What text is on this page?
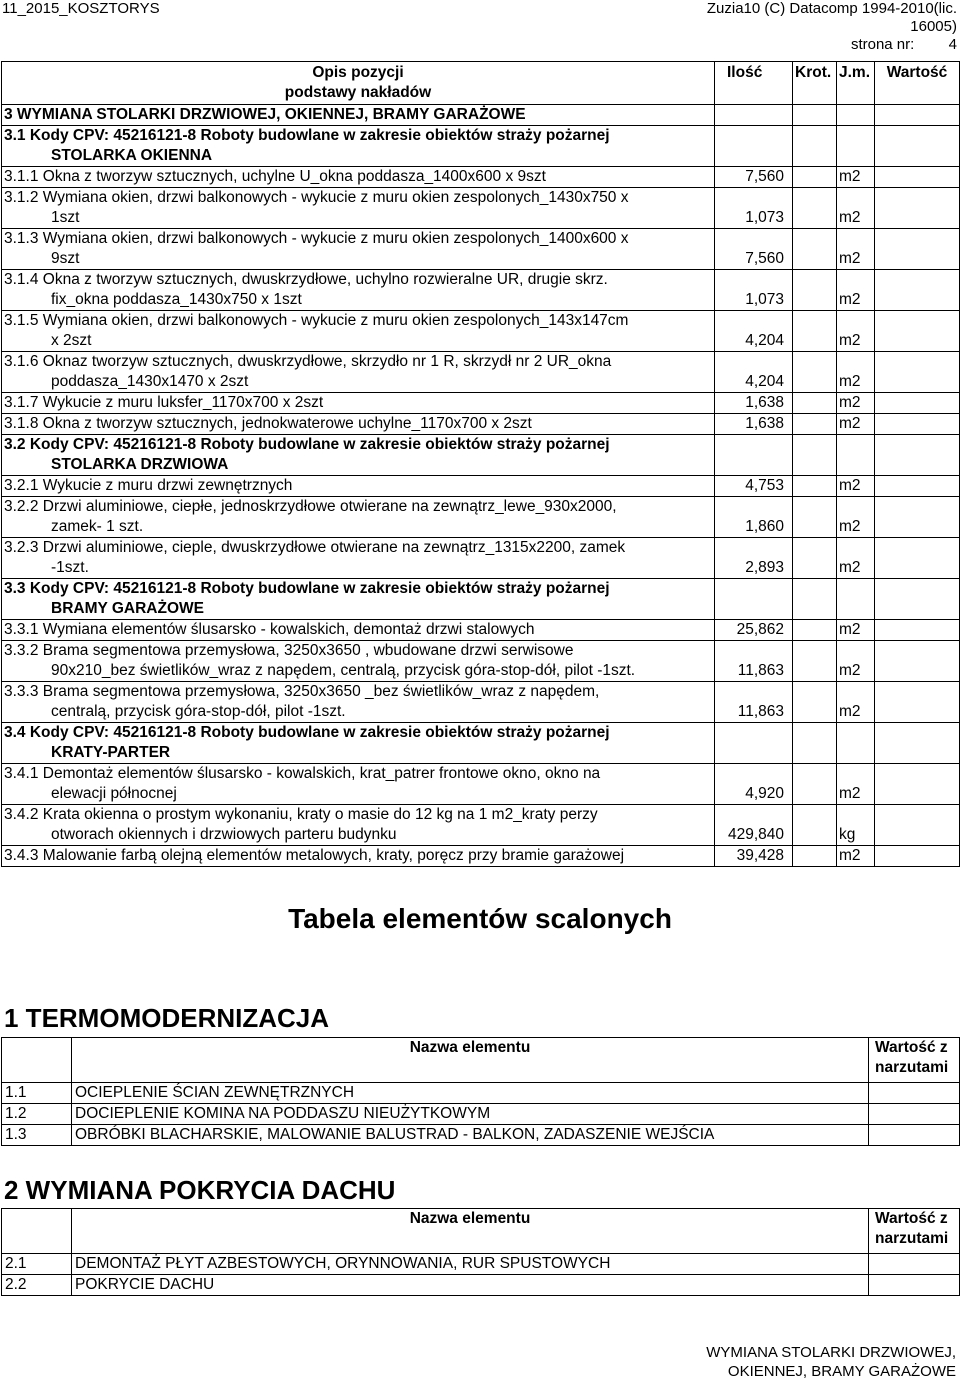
11_2015_KOSZTORYS	Zuzia10 (C) Datacomp 1994-2010(lic.
16005)
strona nr: 4
Opis pozycji
podstawy nakładów	Ilość	Krot.	J.m.	Wartość

3 WYMIANA STOLARKI DRZWIOWEJ, OKIENNEJ, BRAMY GARAŻOWE				

3.1 Kody CPV: 45216121-8 Roboty budowlane w zakresie obiektów straży pożarnej
STOLARKA OKIENNA				

3.1.1 Okna z tworzyw sztucznych, uchylne U_okna poddasza_1400x600 x 9szt	7,560		m2	

3.1.2 Wymiana okien, drzwi balkonowych - wykucie z muru okien zespolonych_1430x750 x
1szt	1,073		m2	

3.1.3 Wymiana okien, drzwi balkonowych - wykucie z muru okien zespolonych_1400x600 x
9szt	7,560		m2	

3.1.4 Okna z tworzyw sztucznych, dwuskrzydłowe, uchylno rozwieralne UR, drugie skrz.
fix_okna poddasza_1430x750 x 1szt	1,073		m2	

3.1.5 Wymiana okien, drzwi balkonowych - wykucie z muru okien zespolonych_143x147cm
x 2szt	4,204		m2	

3.1.6 Oknaz tworzyw sztucznych, dwuskrzydłowe, skrzydło nr 1 R, skrzydł nr 2 UR_okna
poddasza_1430x1470 x 2szt	4,204		m2	

3.1.7 Wykucie z muru luksfer_1170x700 x 2szt	1,638		m2	

3.1.8 Okna z tworzyw sztucznych, jednokwaterowe uchylne_1170x700 x 2szt	1,638		m2	

3.2 Kody CPV: 45216121-8 Roboty budowlane w zakresie obiektów straży pożarnej
STOLARKA DRZWIOWA				

3.2.1 Wykucie z muru drzwi zewnętrznych	4,753		m2	

3.2.2 Drzwi aluminiowe, ciepłe, jednoskrzydłowe otwierane na zewnątrz_lewe_930x2000,
zamek- 1 szt.	1,860		m2	

3.2.3 Drzwi aluminiowe, cieple, dwuskrzydłowe otwierane na zewnątrz_1315x2200, zamek
-1szt.	2,893		m2	

3.3 Kody CPV: 45216121-8 Roboty budowlane w zakresie obiektów straży pożarnej
BRAMY GARAŻOWE				

3.3.1 Wymiana elementów ślusarsko - kowalskich, demontaż drzwi stalowych	25,862		m2	

3.3.2 Brama segmentowa przemysłowa, 3250x3650 , wbudowane drzwi serwisowe
90x210_bez świetlików_wraz z napędem, centralą, przycisk góra-stop-dół, pilot -1szt.	11,863		m2	

3.3.3 Brama segmentowa przemysłowa, 3250x3650 _bez świetlików_wraz z napędem,
centralą, przycisk góra-stop-dół, pilot -1szt.	11,863		m2	

3.4 Kody CPV: 45216121-8 Roboty budowlane w zakresie obiektów straży pożarnej
KRATY-PARTER				

3.4.1 Demontaż elementów ślusarsko - kowalskich, krat_patrer frontowe okno, okno na
elewacji północnej	4,920		m2	

3.4.2 Krata okienna o prostym wykonaniu, kraty o masie do 12 kg na 1 m2_kraty perzy
otworach okiennych i drzwiowych parteru budynku	429,840		kg	

3.4.3 Malowanie farbą olejną elementów metalowych, kraty, poręcz przy bramie garażowej	39,428		m2	
Tabela elementów scalonych
1 TERMOMODERNIZACJA
	Nazwa elementu	Wartość z
narzutami

1.1	OCIEPLENIE ŚCIAN ZEWNĘTRZNYCH	
1.2	DOCIEPLENIE KOMINA NA PODDASZU NIEUŻYTKOWYM	
1.3	OBRÓBKI BLACHARSKIE, MALOWANIE BALUSTRAD - BALKON, ZADASZENIE WEJŚCIA	
2 WYMIANA POKRYCIA DACHU
	Nazwa elementu	Wartość z
narzutami

2.1	DEMONTAŻ PŁYT AZBESTOWYCH, ORYNNOWANIA, RUR SPUSTOWYCH	
2.2	POKRYCIE DACHU	
WYMIANA STOLARKI DRZWIOWEJ,
OKIENNEJ, BRAMY GARAŻOWE
